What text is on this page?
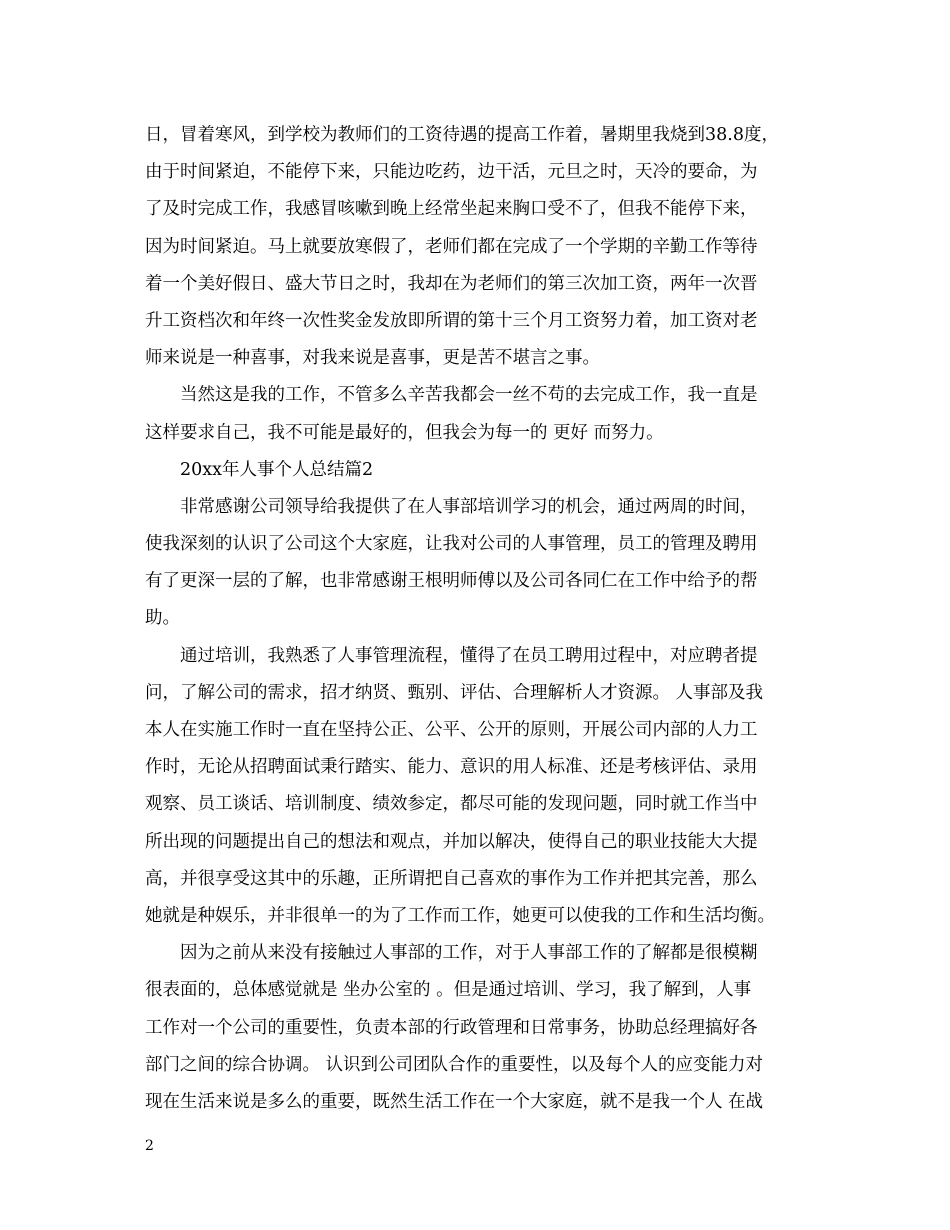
日，冒着寒风，到学校为教师们的工资待遇的提高工作着，暑期里我烧到38.8度，
由于时间紧迫，不能停下来，只能边吃药，边干活，元旦之时，天冷的要命，为
了及时完成工作，我感冒咳嗽到晚上经常坐起来胸口受不了，但我不能停下来，
因为时间紧迫。马上就要放寒假了，老师们都在完成了一个学期的辛勤工作等待
着一个美好假日、盛大节日之时，我却在为老师们的第三次加工资，两年一次晋
升工资档次和年终一次性奖金发放即所谓的第十三个月工资努力着，加工资对老
师来说是一种喜事，对我来说是喜事，更是苦不堪言之事。
当然这是我的工作，不管多么辛苦我都会一丝不苟的去完成工作，我一直是
这样要求自己，我不可能是最好的，但我会为每一的 更好 而努力。
20xx年人事个人总结篇2
非常感谢公司领导给我提供了在人事部培训学习的机会，通过两周的时间，
使我深刻的认识了公司这个大家庭，让我对公司的人事管理，员工的管理及聘用
有了更深一层的了解，也非常感谢王根明师傅以及公司各同仁在工作中给予的帮
助。
通过培训，我熟悉了人事管理流程，懂得了在员工聘用过程中，对应聘者提
问，了解公司的需求，招才纳贤、甄别、评估、合理解析人才资源。 人事部及我
本人在实施工作时一直在坚持公正、公平、公开的原则，开展公司内部的人力工
作时，无论从招聘面试秉行踏实、能力、意识的用人标准、还是考核评估、录用
观察、员工谈话、培训制度、绩效参定，都尽可能的发现问题，同时就工作当中
所出现的问题提出自己的想法和观点，并加以解决，使得自己的职业技能大大提
高，并很享受这其中的乐趣，正所谓把自己喜欢的事作为工作并把其完善，那么
她就是种娱乐，并非很单一的为了工作而工作，她更可以使我的工作和生活均衡。
因为之前从来没有接触过人事部的工作，对于人事部工作的了解都是很模糊
很表面的，总体感觉就是 坐办公室的 。但是通过培训、学习，我了解到，人事
工作对一个公司的重要性，负责本部的行政管理和日常事务，协助总经理搞好各
部门之间的综合协调。 认识到公司团队合作的重要性，以及每个人的应变能力对
现在生活来说是多么的重要，既然生活工作在一个大家庭，就不是我一个人 在战
2
